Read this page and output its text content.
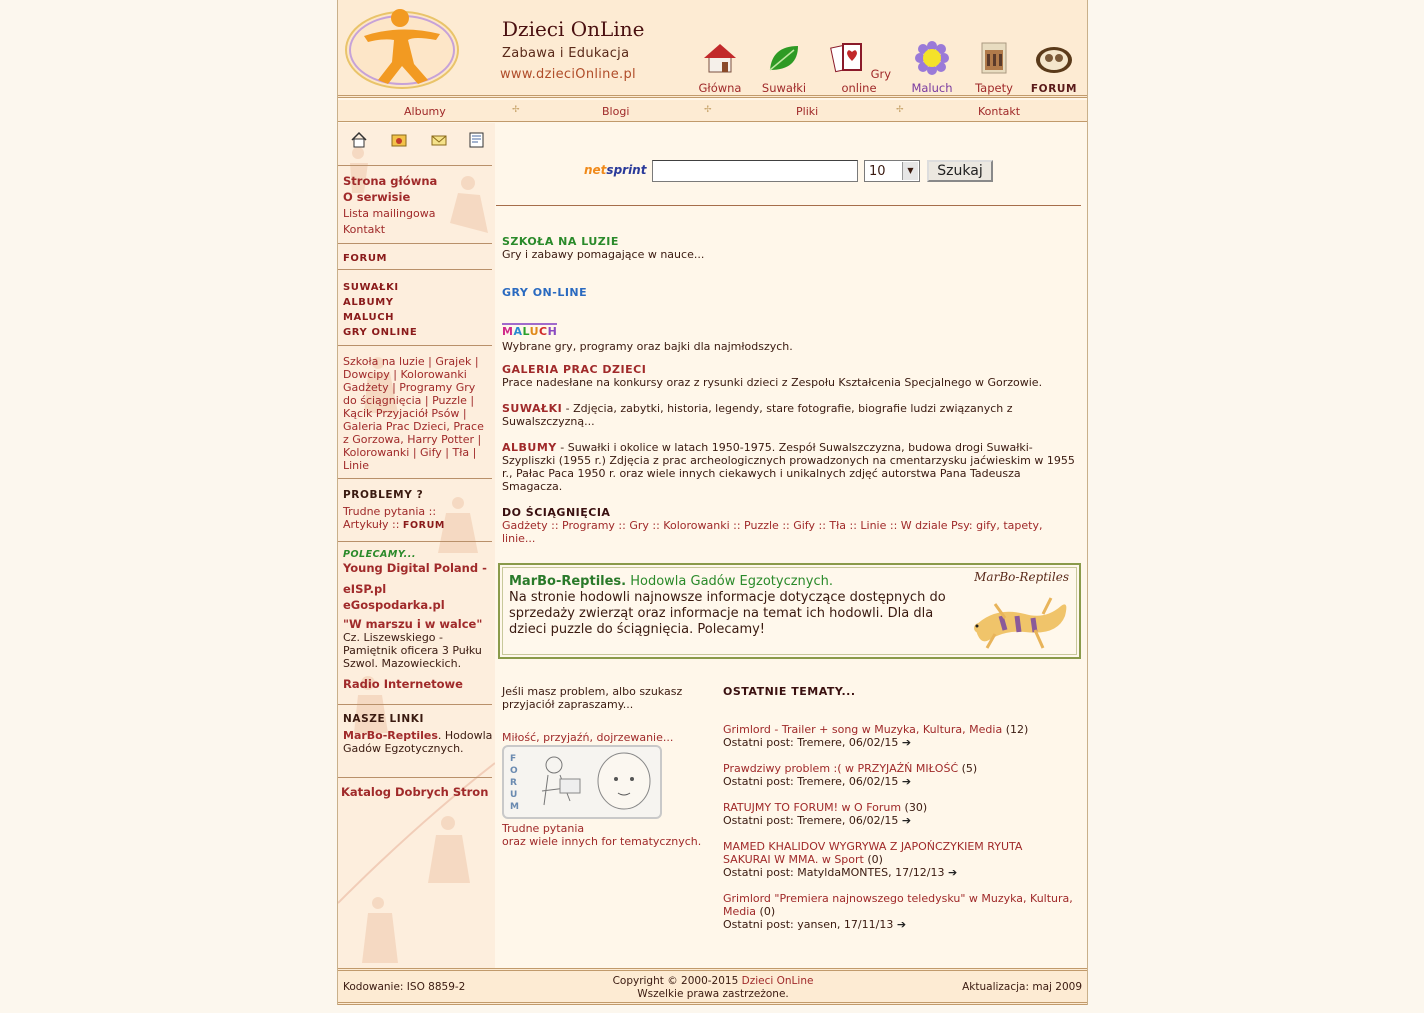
Dzieci OnLine
Zabawa i Edukacja
www.dzieciOnline.pl
Główna	Suwałki
Gry online	Maluch	Tapety	FORUM
Albumy	✢	Blogi	✢	Pliki	✢	Kontakt
Strona główna
O serwisie
Lista mailingowa
Kontakt
FORUM
SUWAŁKI
ALBUMY
MALUCH
GRY ONLINE
Szkoła na luzie | Grajek | Dowcipy | Kolorowanki Gadżety | Programy Gry do ściągnięcia | Puzzle | Kącik Przyjaciół Psów | Galeria Prac Dzieci, Prace z Gorzowa, Harry Potter | Kolorowanki | Gify | Tła | Linie
PROBLEMY ?
Trudne pytania ::
Artykuły :: FORUM
POLECAMY...
Young Digital Poland -
eISP.pl
eGospodarka.pl
"W marszu i w walce"
Cz. Liszewskiego - Pamiętnik oficera 3 Pułku Szwol. Mazowieckich.
Radio Internetowe
NASZE LINKI
MarBo-Reptiles. Hodowla Gadów Egzotycznych.
Katalog Dobrych Stron
netsprint	10	▼	Szukaj
SZKOŁA NA LUZIE
Gry i zabawy pomagające w nauce...
GRY ON-LINE
MALUCH
Wybrane gry, programy oraz bajki dla najmłodszych.
GALERIA PRAC DZIECI
Prace nadesłane na konkursy oraz z rysunki dzieci z Zespołu Kształcenia Specjalnego w Gorzowie.
SUWAŁKI - Zdjęcia, zabytki, historia, legendy, stare fotografie, biografie ludzi związanych z Suwalszczyzną...
ALBUMY - Suwałki i okolice w latach 1950-1975. Zespół Suwalszczyzna, budowa drogi Suwałki-Szypliszki (1955 r.) Zdjęcia z prac archeologicznych prowadzonych na cmentarzysku jaćwieskim w 1955 r., Pałac Paca 1950 r. oraz wiele innych ciekawych i unikalnych zdjęć autorstwa Pana Tadeusza Smagacza.
DO ŚCIĄGNIĘCIA
Gadżety :: Programy :: Gry :: Kolorowanki :: Puzzle :: Gify :: Tła :: Linie :: W dziale Psy: gify, tapety, linie...
MarBo-Reptiles. Hodowla Gadów Egzotycznych.
Na stronie hodowli najnowsze informacje dotyczące dostępnych do sprzedaży zwierząt oraz informacje na temat ich hodowli. Dla dla dzieci puzzle do ściągnięcia. Polecamy!
MarBo-Reptiles
Jeśli masz problem, albo szukasz przyjaciół zapraszamy...
Miłość, przyjaźń, dojrzewanie...
FORUM
Trudne pytania
oraz wiele innych for tematycznych.
OSTATNIE TEMATY...
Grimlord - Trailer + song w Muzyka, Kultura, Media (12)
Ostatni post: Tremere, 06/02/15 ➔
Prawdziwy problem :( w PRZYJAŹŃ MIŁOŚĆ (5)
Ostatni post: Tremere, 06/02/15 ➔
RATUJMY TO FORUM! w O Forum (30)
Ostatni post: Tremere, 06/02/15 ➔
MAMED KHALIDOV WYGRYWA Z JAPOŃCZYKIEM RYUTA SAKURAI W MMA. w Sport (0)
Ostatni post: MatyldaMONTES, 17/12/13 ➔
Grimlord "Premiera najnowszego teledysku" w Muzyka, Kultura, Media (0)
Ostatni post: yansen, 17/11/13 ➔
Kodowanie: ISO 8859-2	Copyright © 2000-2015 Dzieci OnLine
Wszelkie prawa zastrzeżone.
Aktualizacja: maj 2009
